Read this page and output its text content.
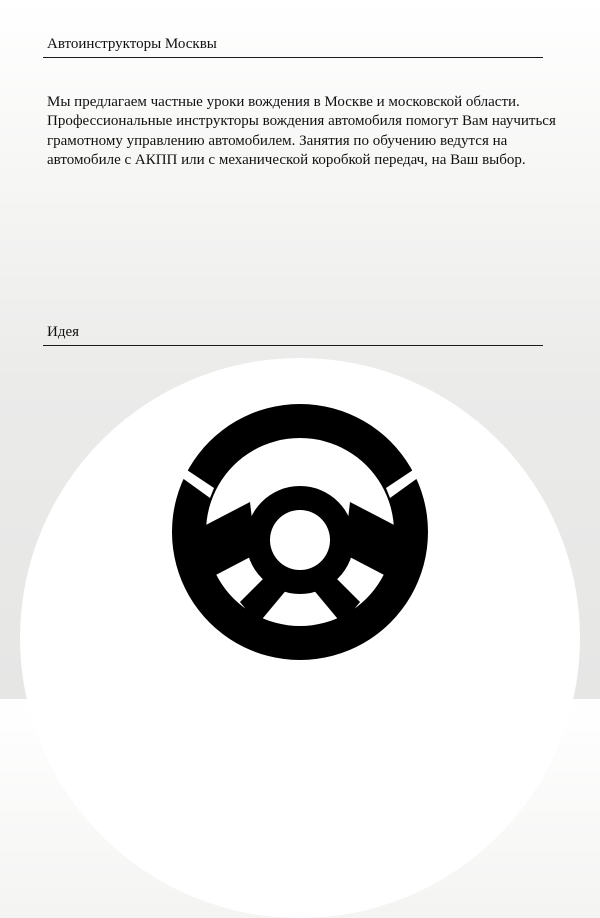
Автоинструкторы Москвы

Мы предлагаем частные уроки вождения в Москве и московской области. Профессиональные инструкторы вождения автомобиля помогут Вам научиться грамотному управлению автомобилем. Занятия по обучению ведутся на автомобиле с АКПП или с механической коробкой передач, на Ваш выбор.

Идея
